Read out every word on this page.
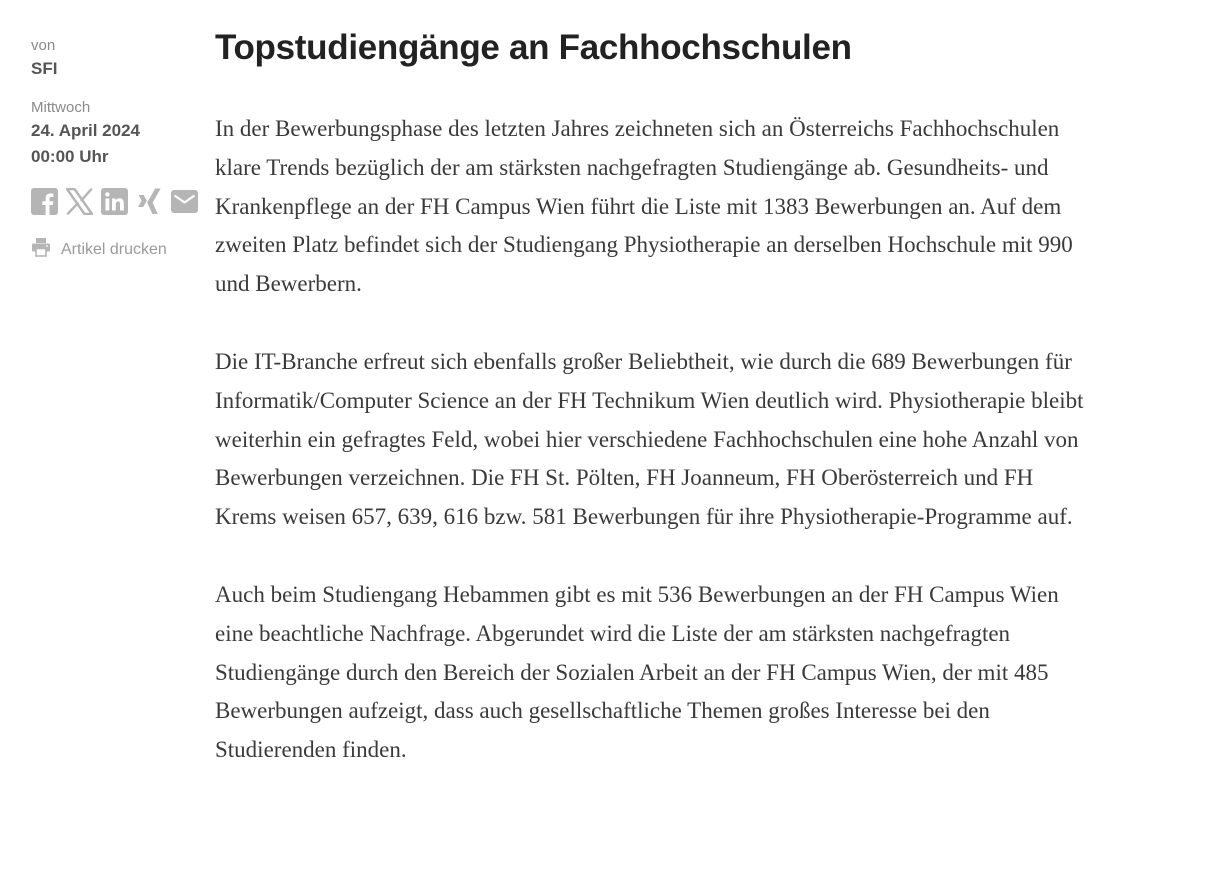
von
SFI
Mittwoch
24. April 2024
00:00 Uhr
Artikel drucken
Topstudiengänge an Fachhochschulen

In der Bewerbungsphase des letzten Jahres zeichneten sich an Österreichs Fachhochschulen klare Trends bezüglich der am stärksten nachgefragten Studiengänge ab. Gesundheits- und Krankenpflege an der FH Campus Wien führt die Liste mit 1383 Bewerbungen an. Auf dem zweiten Platz befindet sich der Studiengang Physiotherapie an derselben Hochschule mit 990 und Bewerbern.

Die IT-Branche erfreut sich ebenfalls großer Beliebtheit, wie durch die 689 Bewerbungen für Informatik/Computer Science an der FH Technikum Wien deutlich wird. Physiotherapie bleibt weiterhin ein gefragtes Feld, wobei hier verschiedene Fachhochschulen eine hohe Anzahl von Bewerbungen verzeichnen. Die FH St. Pölten, FH Joanneum, FH Oberösterreich und FH Krems weisen 657, 639, 616 bzw. 581 Bewerbungen für ihre Physiotherapie-Programme auf.

Auch beim Studiengang Hebammen gibt es mit 536 Bewerbungen an der FH Campus Wien eine beachtliche Nachfrage. Abgerundet wird die Liste der am stärksten nachgefragten Studiengänge durch den Bereich der Sozialen Arbeit an der FH Campus Wien, der mit 485 Bewerbungen aufzeigt, dass auch gesellschaftliche Themen großes Interesse bei den Studierenden finden.
